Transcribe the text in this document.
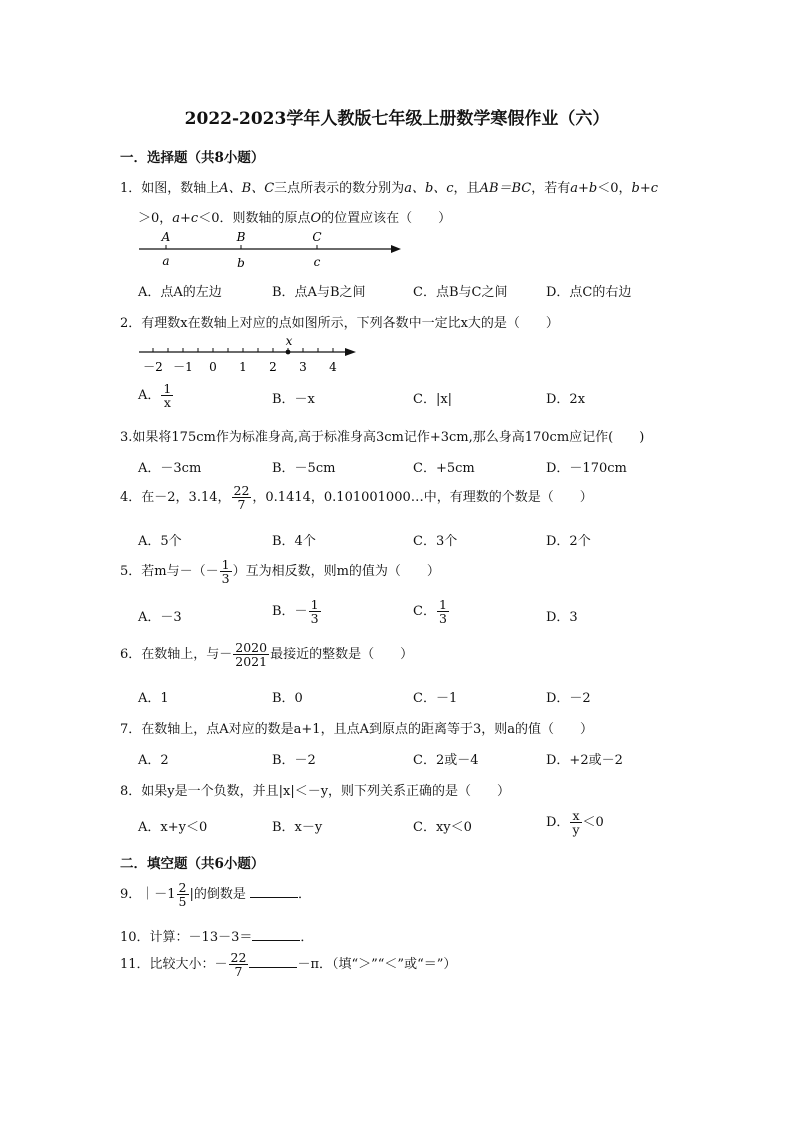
2022-2023学年人教版七年级上册数学寒假作业（六）
一．选择题（共8小题）
1．如图，数轴上A、B、C三点所表示的数分别为a、b、c，且AB＝BC，若有a+b＜0，b+c
＞0，a+c＜0．则数轴的原点O的位置应该在（　　）
A	B	C
a	b	c
A．点A的左边	B．点A与B之间	C．点B与C之间	D．点C的右边
2．有理数x在数轴上对应的点如图所示，下列各数中一定比x大的是（　　）
x
－2 －1 0 1 2 3 4
A． $\frac{1}{x}$	B．－x	C．|x|	D．2x
3.如果将175cm作为标准身高,高于标准身高3cm记作+3cm,那么身高170cm应记作(　　)
A．－3cm	B．－5cm	C．+5cm	D．－170cm
4．在－2，3.14， $\frac{22}{7}$ ，0.1414，0.101001000…中，有理数的个数是（　　）
A．5个	B．4个	C．3个	D．2个
5．若m与－（－ $\frac{1}{3}$ ）互为相反数，则m的值为（　　）
A．－3	B．－ $\frac{1}{3}$	C． $\frac{1}{3}$	D．3
6．在数轴上，与－ $\frac{2020}{2021}$ 最接近的整数是（　　）
A．1	B．0	C．－1	D．－2
7．在数轴上，点A对应的数是a+1，且点A到原点的距离等于3，则a的值（　　）
A．2	B．－2	C．2或－4	D．+2或－2
8．如果y是一个负数，并且|x|＜－y，则下列关系正确的是（　　）
A．x+y＜0	B．x－y	C．xy＜0	D． $\frac{x}{y} <0$
二．填空题（共6小题）
9．｜－1 $\frac{2}{5}$ |的倒数是	．
10．计算：－13－3＝	．
11．比较大小：－ $\frac{22}{7}$	－π．（填“＞”“＜”或“＝”）
